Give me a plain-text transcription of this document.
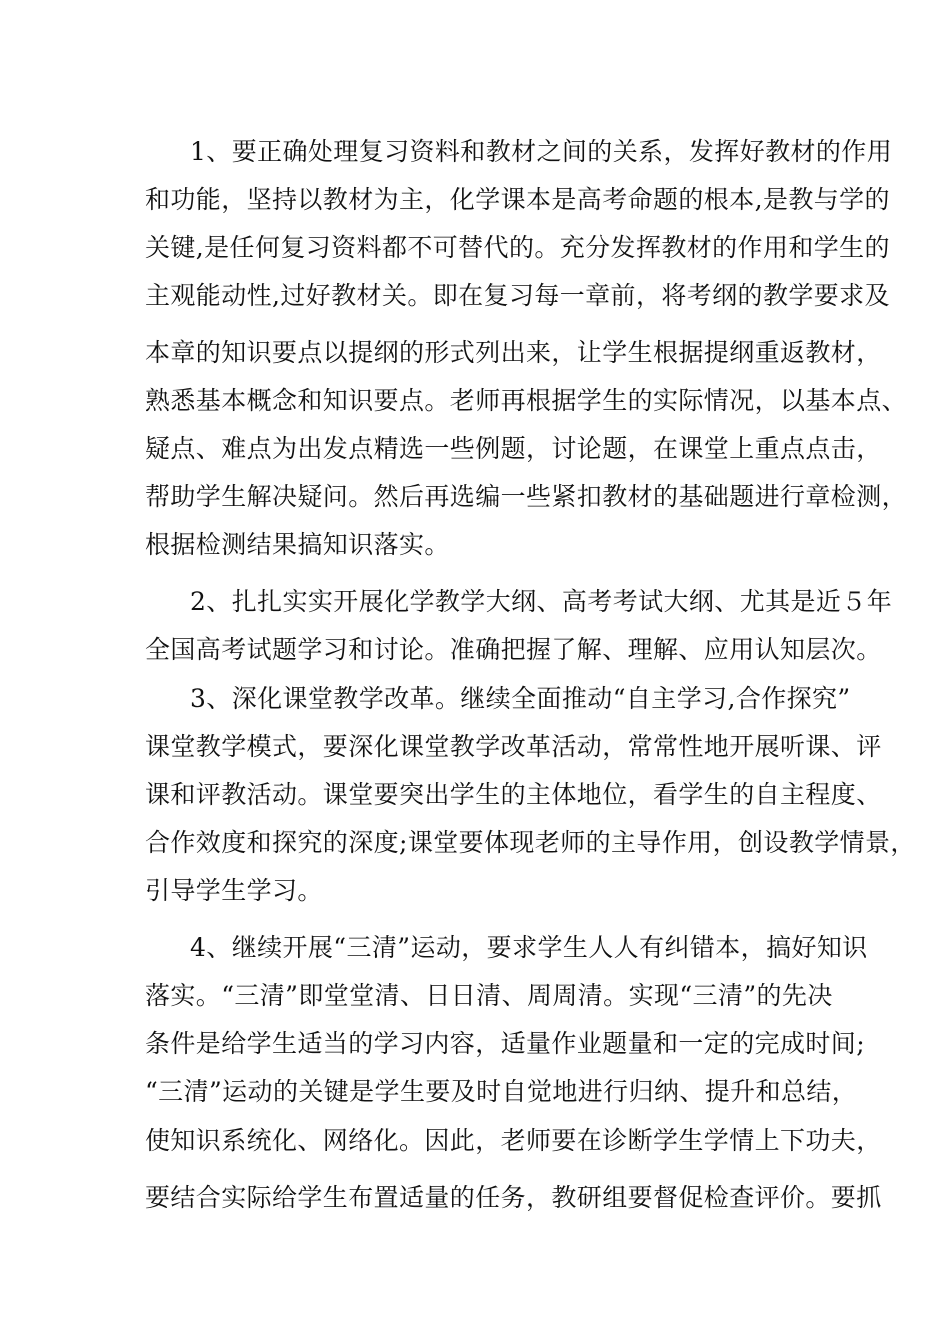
1、要正确处理复习资料和教材之间的关系，发挥好教材的作用
和功能，坚持以教材为主，化学课本是高考命题的根本,是教与学的
关键,是任何复习资料都不可替代的。充分发挥教材的作用和学生的
主观能动性,过好教材关。即在复习每一章前，将考纲的教学要求及
本章的知识要点以提纲的形式列出来，让学生根据提纲重返教材，
熟悉基本概念和知识要点。老师再根据学生的实际情况，以基本点、
疑点、难点为出发点精选一些例题，讨论题，在课堂上重点点击，
帮助学生解决疑问。然后再选编一些紧扣教材的基础题进行章检测，
根据检测结果搞知识落实。
2、扎扎实实开展化学教学大纲、高考考试大纲、尤其是近５年
全国高考试题学习和讨论。准确把握了解、理解、应用认知层次。
3、深化课堂教学改革。继续全面推动“自主学习,合作探究”
课堂教学模式，要深化课堂教学改革活动，常常性地开展听课、评
课和评教活动。课堂要突出学生的主体地位，看学生的自主程度、
合作效度和探究的深度;课堂要体现老师的主导作用，创设教学情景，
引导学生学习。
4、继续开展“三清”运动，要求学生人人有纠错本，搞好知识
落实。“三清”即堂堂清、日日清、周周清。实现“三清”的先决
条件是给学生适当的学习内容，适量作业题量和一定的完成时间;
“三清”运动的关键是学生要及时自觉地进行归纳、提升和总结，
使知识系统化、网络化。因此，老师要在诊断学生学情上下功夫，
要结合实际给学生布置适量的任务，教研组要督促检查评价。要抓
